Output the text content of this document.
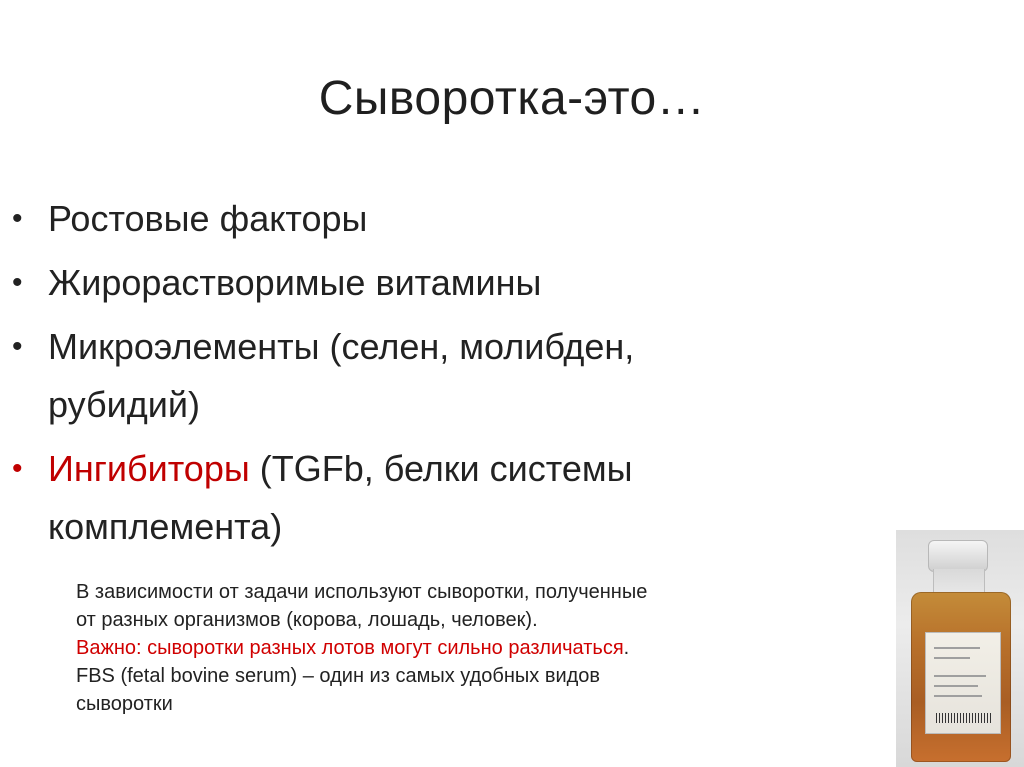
Сыворотка-это…
• Ростовые факторы
• Жирорастворимые витамины
• Микроэлементы (селен, молибден, рубидий)
• Ингибиторы (TGFb, белки системы комплемента)
В зависимости от задачи используют сыворотки, полученные
от разных организмов (корова, лошадь, человек).
Важно: сыворотки разных лотов могут сильно различаться.
FBS (fetal bovine serum) – один из самых удобных видов
сыворотки
